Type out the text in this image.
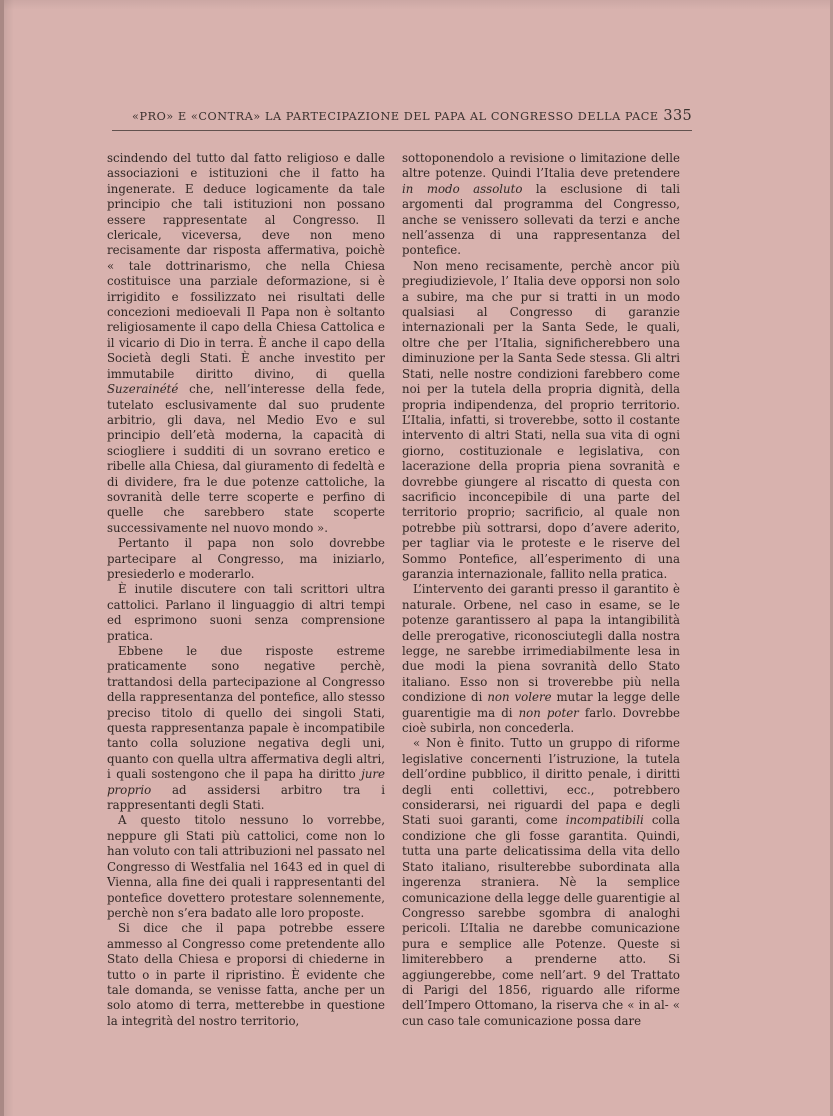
«PRO» E «CONTRA» LA PARTECIPAZIONE DEL PAPA AL CONGRESSO DELLA PACE 335

scindendo del tutto dal fatto religioso e dalle associazioni e istituzioni che il fatto ha ingenerate. E deduce logicamente da tale principio che tali istituzioni non possano essere rappresentate al Congresso. Il clericale, viceversa, deve non meno recisamente dar risposta affermativa, poichè « tale dottrinarismo, che nella Chiesa costituisce una parziale deformazione, si è irrigidito e fossilizzato nei risultati delle concezioni medioevali Il Papa non è soltanto religiosamente il capo della Chiesa Cattolica e il vicario di Dio in terra. È anche il capo della Società degli Stati. È anche investito per immutabile diritto divino, di quella Suzerainété che, nell’interesse della fede, tutelato esclusivamente dal suo prudente arbitrio, gli dava, nel Medio Evo e sul principio dell’età moderna, la capacità di sciogliere i sudditi di un sovrano eretico e ribelle alla Chiesa, dal giuramento di fedeltà e di dividere, fra le due potenze cattoliche, la sovranità delle terre scoperte e perfino di quelle che sarebbero state scoperte successivamente nel nuovo mondo ».

Pertanto il papa non solo dovrebbe partecipare al Congresso, ma iniziarlo, presiederlo e moderarlo.

È inutile discutere con tali scrittori ultra cattolici. Parlano il linguaggio di altri tempi ed esprimono suoni senza comprensione pratica.

Ebbene le due risposte estreme praticamente sono negative perchè, trattandosi della partecipazione al Congresso della rappresentanza del pontefice, allo stesso preciso titolo di quello dei singoli Stati, questa rappresentanza papale è incompatibile tanto colla soluzione negativa degli uni, quanto con quella ultra affermativa degli altri, i quali sostengono che il papa ha diritto jure proprio ad assidersi arbitro tra i rappresentanti degli Stati.

A questo titolo nessuno lo vorrebbe, neppure gli Stati più cattolici, come non lo han voluto con tali attribuzioni nel passato nel Congresso di Westfalia nel 1643 ed in quel di Vienna, alla fine dei quali i rappresentanti del pontefice dovettero protestare solennemente, perchè non s’era badato alle loro proposte.

Si dice che il papa potrebbe essere ammesso al Congresso come pretendente allo Stato della Chiesa e proporsi di chiederne in tutto o in parte il ripristino. È evidente che tale domanda, se venisse fatta, anche per un solo atomo di terra, metterebbe in questione la integrità del nostro territorio,

sottoponendolo a revisione o limitazione delle altre potenze. Quindi l’Italia deve pretendere in modo assoluto la esclusione di tali argomenti dal programma del Congresso, anche se venissero sollevati da terzi e anche nell’assenza di una rappresentanza del pontefice.

Non meno recisamente, perchè ancor più pregiudizievole, l’ Italia deve opporsi non solo a subire, ma che pur si tratti in un modo qualsiasi al Congresso di garanzie internazionali per la Santa Sede, le quali, oltre che per l’Italia, significherebbero una diminuzione per la Santa Sede stessa. Gli altri Stati, nelle nostre condizioni farebbero come noi per la tutela della propria dignità, della propria indipendenza, del proprio territorio. L’Italia, infatti, si troverebbe, sotto il costante intervento di altri Stati, nella sua vita di ogni giorno, costituzionale e legislativa, con lacerazione della propria piena sovranità e dovrebbe giungere al riscatto di questa con sacrificio inconcepibile di una parte del territorio proprio; sacrificio, al quale non potrebbe più sottrarsi, dopo d’avere aderito, per tagliar via le proteste e le riserve del Sommo Pontefice, all’esperimento di una garanzia internazionale, fallito nella pratica.

L’intervento dei garanti presso il garantito è naturale. Orbene, nel caso in esame, se le potenze garantissero al papa la intangibilità delle prerogative, riconosciutegli dalla nostra legge, ne sarebbe irrimediabilmente lesa in due modi la piena sovranità dello Stato italiano. Esso non si troverebbe più nella condizione di non volere mutar la legge delle guarentigie ma di non poter farlo. Dovrebbe cioè subirla, non concederla.

« Non è finito. Tutto un gruppo di riforme legislative concernenti l’istruzione, la tutela dell’ordine pubblico, il diritto penale, i diritti degli enti collettivi, ecc., potrebbero considerarsi, nei riguardi del papa e degli Stati suoi garanti, come incompatibili colla condizione che gli fosse garantita. Quindi, tutta una parte delicatissima della vita dello Stato italiano, risulterebbe subordinata alla ingerenza straniera. Nè la semplice comunicazione della legge delle guarentigie al Congresso sarebbe sgombra di analoghi pericoli. L’Italia ne darebbe comunicazione pura e semplice alle Potenze. Queste si limiterebbero a prenderne atto. Si aggiungerebbe, come nell’art. 9 del Trattato di Parigi del 1856, riguardo alle riforme dell’Impero Ottomano, la riserva che « in al- « cun caso tale comunicazione possa dare
